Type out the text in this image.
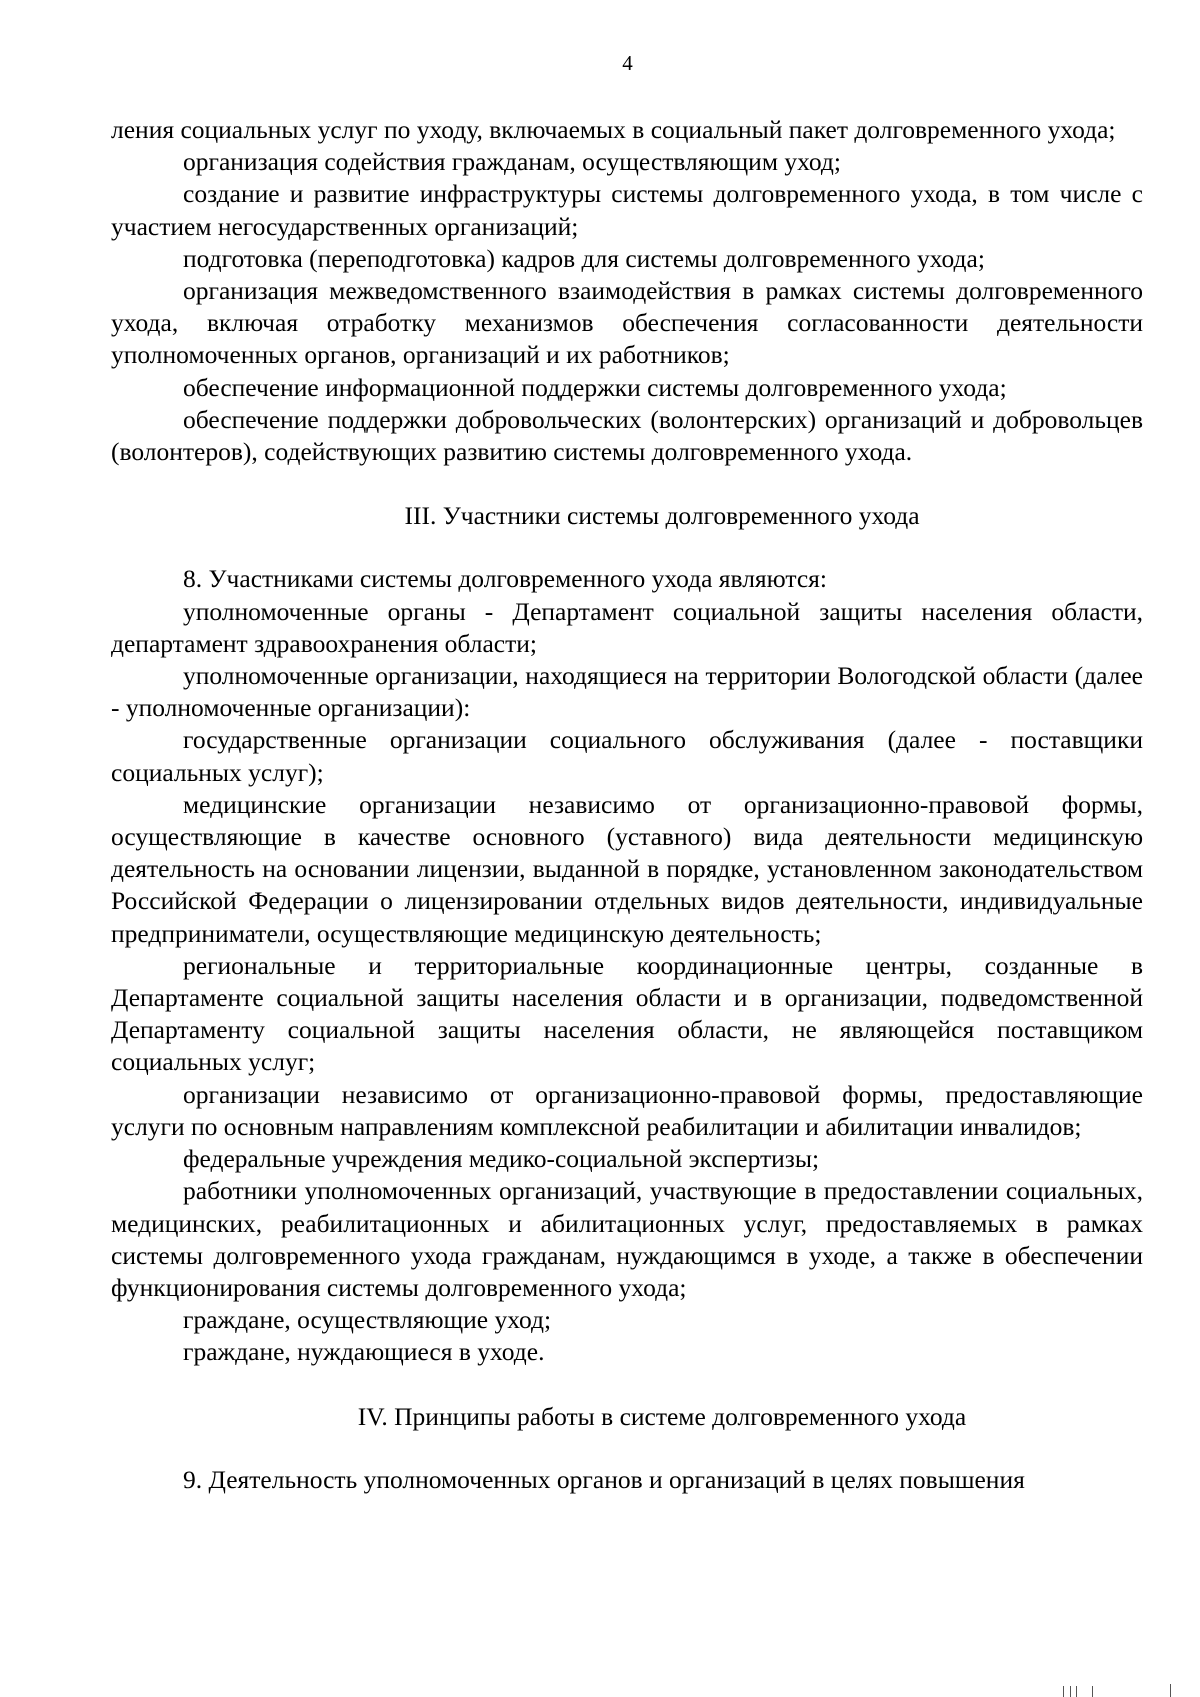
4

ления социальных услуг по уходу, включаемых в социальный пакет долговременного ухода;

организация содействия гражданам, осуществляющим уход;

создание и развитие инфраструктуры системы долговременного ухода, в том числе с участием негосударственных организаций;

подготовка (переподготовка) кадров для системы долговременного ухода;

организация межведомственного взаимодействия в рамках системы долговременного ухода, включая отработку механизмов обеспечения согласованности деятельности уполномоченных органов, организаций и их работников;

обеспечение информационной поддержки системы долговременного ухода;

обеспечение поддержки добровольческих (волонтерских) организаций и добровольцев (волонтеров), содействующих развитию системы долговременного ухода.

III. Участники системы долговременного ухода

8. Участниками системы долговременного ухода являются:

уполномоченные органы - Департамент социальной защиты населения области, департамент здравоохранения области;

уполномоченные организации, находящиеся на территории Вологодской области (далее - уполномоченные организации):

государственные организации социального обслуживания (далее - поставщики социальных услуг);

медицинские организации независимо от организационно-правовой формы, осуществляющие в качестве основного (уставного) вида деятельности медицинскую деятельность на основании лицензии, выданной в порядке, установленном законодательством Российской Федерации о лицензировании отдельных видов деятельности, индивидуальные предприниматели, осуществляющие медицинскую деятельность;

региональные и территориальные координационные центры, созданные в Департаменте социальной защиты населения области и в организации, подведомственной Департаменту социальной защиты населения области, не являющейся поставщиком социальных услуг;

организации независимо от организационно-правовой формы, предоставляющие услуги по основным направлениям комплексной реабилитации и абилитации инвалидов;

федеральные учреждения медико-социальной экспертизы;

работники уполномоченных организаций, участвующие в предоставлении социальных, медицинских, реабилитационных и абилитационных услуг, предоставляемых в рамках системы долговременного ухода гражданам, нуждающимся в уходе, а также в обеспечении функционирования системы долговременного ухода;

граждане, осуществляющие уход;

граждане, нуждающиеся в уходе.

IV. Принципы работы в системе долговременного ухода

9. Деятельность уполномоченных органов и организаций в целях повышения
